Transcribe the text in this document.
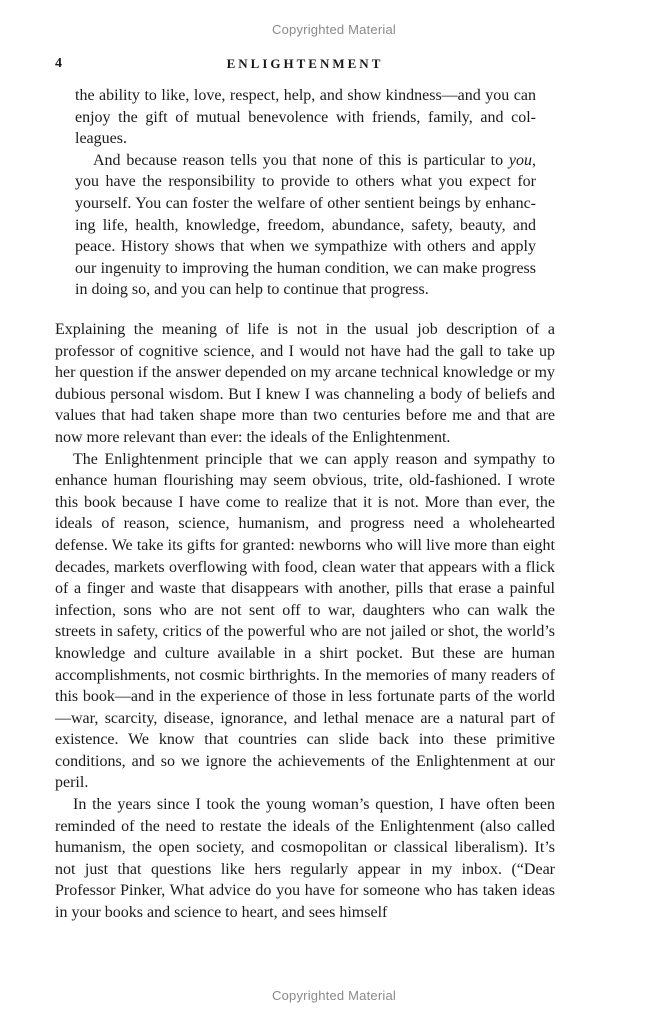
Copyrighted Material
4	ENLIGHTENMENT

the ability to like, love, respect, help, and show kindness—and you can enjoy the gift of mutual benevolence with friends, family, and colleagues.

And because reason tells you that none of this is particular to you, you have the responsibility to provide to others what you expect for yourself. You can foster the welfare of other sentient beings by enhancing life, health, knowledge, freedom, abundance, safety, beauty, and peace. History shows that when we sympathize with others and apply our ingenuity to improving the human condition, we can make progress in doing so, and you can help to continue that progress.

Explaining the meaning of life is not in the usual job description of a professor of cognitive science, and I would not have had the gall to take up her question if the answer depended on my arcane technical knowledge or my dubious personal wisdom. But I knew I was channeling a body of beliefs and values that had taken shape more than two centuries before me and that are now more relevant than ever: the ideals of the Enlightenment.

The Enlightenment principle that we can apply reason and sympathy to enhance human flourishing may seem obvious, trite, old-fashioned. I wrote this book because I have come to realize that it is not. More than ever, the ideals of reason, science, humanism, and progress need a wholehearted defense. We take its gifts for granted: newborns who will live more than eight decades, markets overflowing with food, clean water that appears with a flick of a finger and waste that disappears with another, pills that erase a painful infection, sons who are not sent off to war, daughters who can walk the streets in safety, critics of the powerful who are not jailed or shot, the world’s knowledge and culture available in a shirt pocket. But these are human accomplishments, not cosmic birthrights. In the memories of many readers of this book—and in the experience of those in less fortunate parts of the world—war, scarcity, disease, ignorance, and lethal menace are a natural part of existence. We know that countries can slide back into these primitive conditions, and so we ignore the achievements of the Enlightenment at our peril.

In the years since I took the young woman’s question, I have often been reminded of the need to restate the ideals of the Enlightenment (also called humanism, the open society, and cosmopolitan or classical liberalism). It’s not just that questions like hers regularly appear in my inbox. (“Dear Professor Pinker, What advice do you have for someone who has taken ideas in your books and science to heart, and sees himself

Copyrighted Material
